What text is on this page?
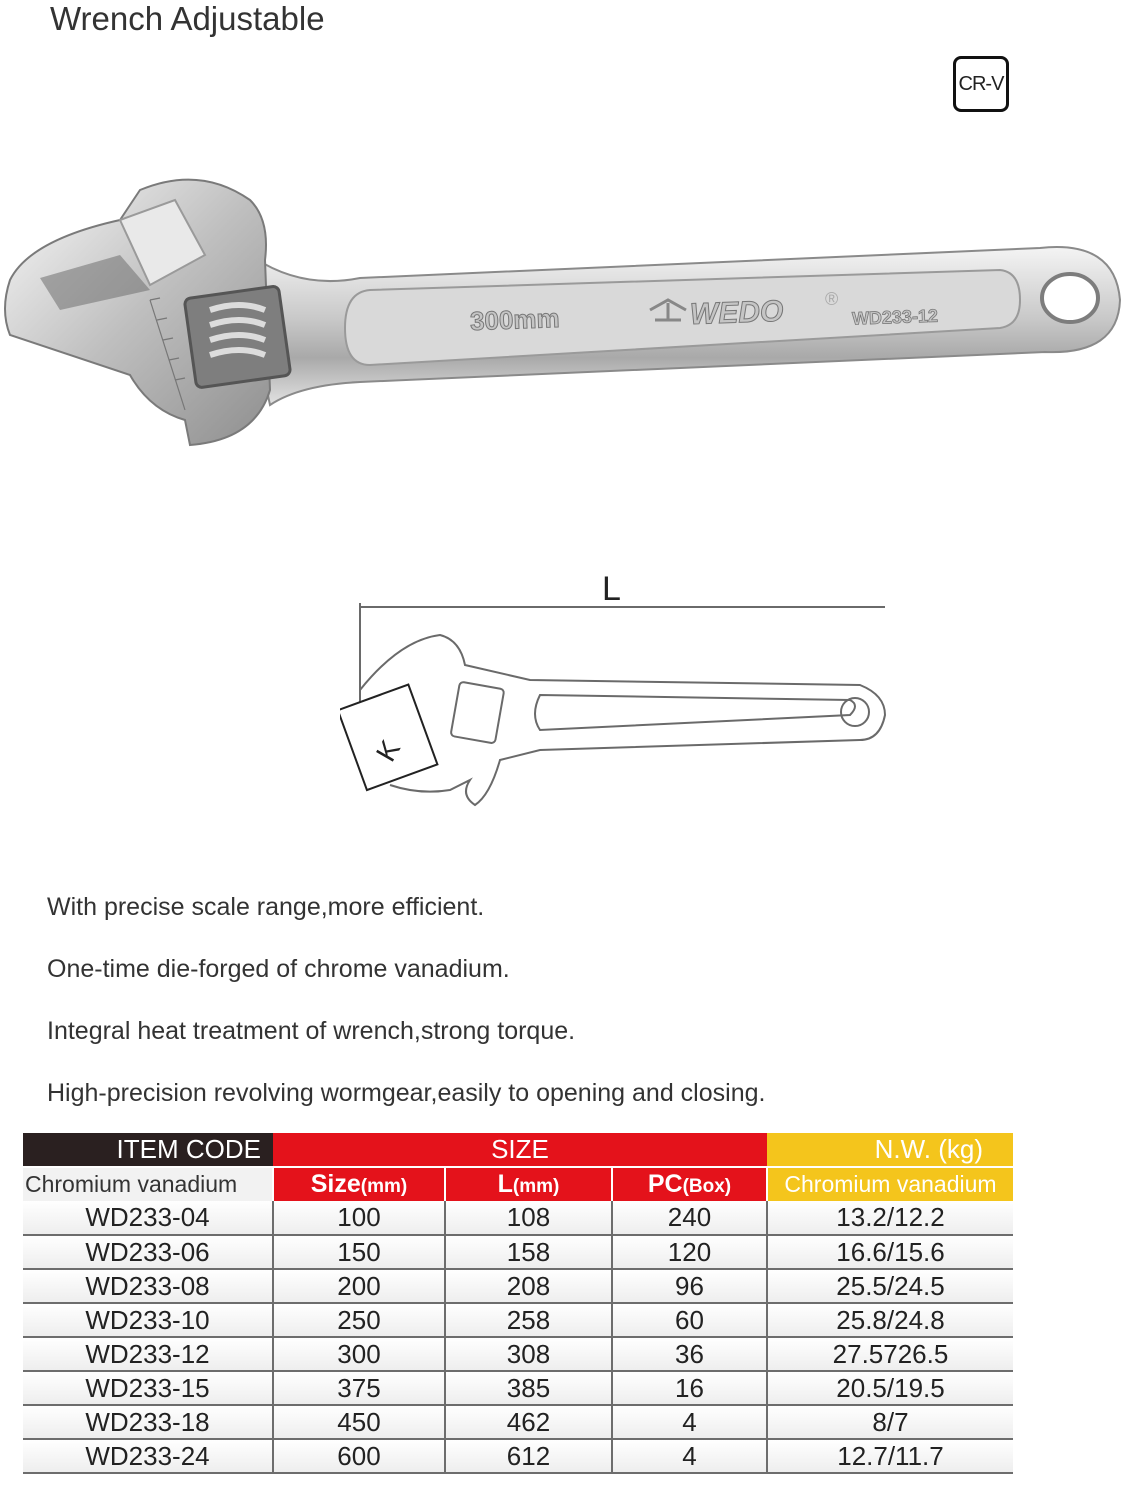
Wrench Adjustable
CR-V
300mm	WEDO ®
WD233-12
L
K
With precise scale range,more efficient.
One-time die-forged of chrome vanadium.
Integral heat treatment of wrench,strong torque.
High-precision revolving wormgear,easily to opening and closing.
ITEM CODE	SIZE			N.W. (kg)
Chromium vanadium	Size(mm)	L(mm)	PC(Box)	Chromium vanadium
WD233-04	100	108	240	13.2/12.2
WD233-06	150	158	120	16.6/15.6
WD233-08	200	208	96	25.5/24.5
WD233-10	250	258	60	25.8/24.8
WD233-12	300	308	36	27.5726.5
WD233-15	375	385	16	20.5/19.5
WD233-18	450	462	4	8/7
WD233-24	600	612	4	12.7/11.7
